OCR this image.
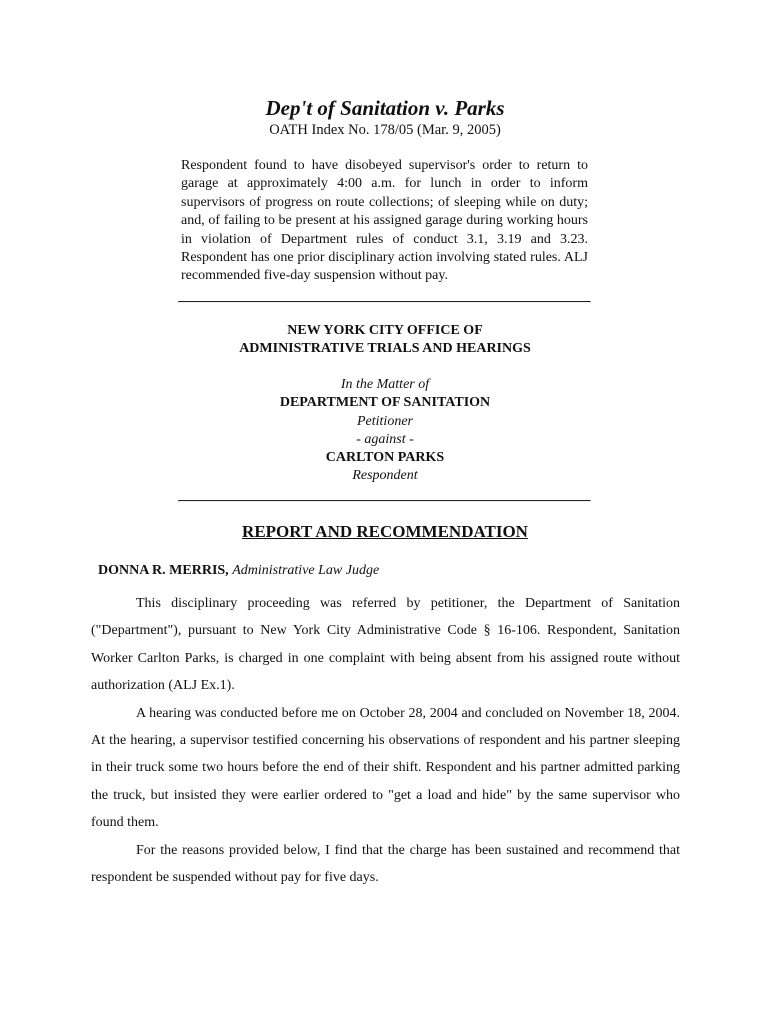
Dep't of Sanitation v. Parks
OATH Index No. 178/05 (Mar. 9, 2005)

Respondent found to have disobeyed supervisor's order to return to garage at approximately 4:00 a.m. for lunch in order to inform supervisors of progress on route collections; of sleeping while on duty; and, of failing to be present at his assigned garage during working hours in violation of Department rules of conduct 3.1, 3.19 and 3.23. Respondent has one prior disciplinary action involving stated rules. ALJ recommended five-day suspension without pay.

NEW YORK CITY OFFICE OF
ADMINISTRATIVE TRIALS AND HEARINGS
In the Matter of
DEPARTMENT OF SANITATION
Petitioner
- against -
CARLTON PARKS
Respondent
REPORT AND RECOMMENDATION
DONNA R. MERRIS, Administrative Law Judge

This disciplinary proceeding was referred by petitioner, the Department of Sanitation ("Department"), pursuant to New York City Administrative Code § 16-106. Respondent, Sanitation Worker Carlton Parks, is charged in one complaint with being absent from his assigned route without authorization (ALJ Ex.1).

A hearing was conducted before me on October 28, 2004 and concluded on November 18, 2004. At the hearing, a supervisor testified concerning his observations of respondent and his partner sleeping in their truck some two hours before the end of their shift. Respondent and his partner admitted parking the truck, but insisted they were earlier ordered to "get a load and hide" by the same supervisor who found them.

For the reasons provided below, I find that the charge has been sustained and recommend that respondent be suspended without pay for five days.
